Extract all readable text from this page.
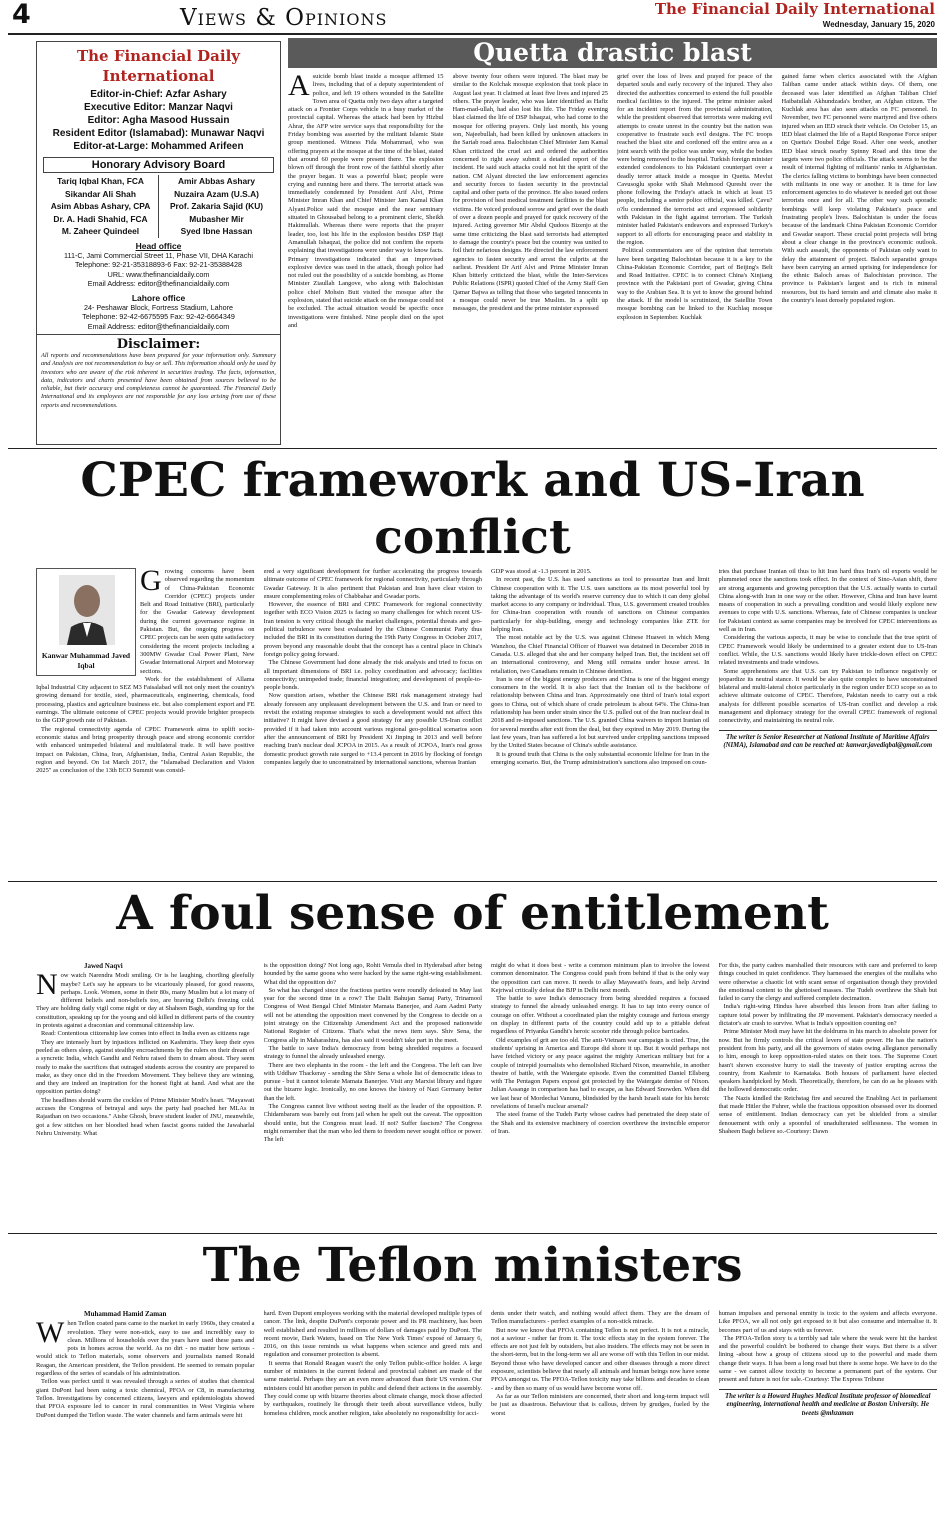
4	Views & Opinions	The Financial Daily International
Wednesday, January 15, 2020
The Financial Daily International
Editor-in-Chief: Azfar Ashary
Executive Editor: Manzar Naqvi
Editor: Agha Masood Hussain
Resident Editor (Islamabad): Munawar Naqvi
Editor-at-Large: Mohammed Arifeen
Honorary Advisory Board
Tariq Iqbal Khan, FCA
Sikandar Ali Shah
Asim Abbas Ashary, CPA
Dr. A. Hadi Shahid, FCA
M. Zaheer Quindeel
Amir Abbas Ashary
Nuzaira Azam (U.S.A)
Prof. Zakaria Sajid (KU)
Mubasher Mir
Syed Ibne Hassan
Head office
111-C, Jami Commercial Street 11, Phase VII, DHA Karachi
Telephone: 92-21-35318893-6 Fax: 92-21-35388428
URL: www.thefinancialdaily.com
Email Address: editor@thefinancialdaily.com
Lahore office
24- Peshawar Block, Fortress Stadium, Lahore
Telephone: 92-42-6675595 Fax: 92-42-6664349
Email Address: editor@thefinancialdaily.com
Disclaimer:
All reports and recommendations have been prepared for your information only. Summary and Analysis are not recommendation to buy or sell. This information should only be used by investors who are aware of the risk inherent in securities trading. The facts, information, data, indicators and charts presented have been obtained from sources believed to be reliable, but their accuracy and completeness cannot be guaranteed. The Financial Daily International and its employees are not responsible for any loss arising from use of these reports and recommendations.
Quetta drastic blast

Asuicide bomb blast inside a mosque affirmed 15 lives, including that of a deputy superintendent of police, and left 19 others wounded in the Satellite Town area of Quetta only two days after a targeted attack on a Frontier Corps vehicle in a busy market of the provincial capital. Whereas the attack had been by Hizbul Ahrar, the AFP wire service says that responsibility for the Friday bombing was asserted by the militant Islamic State group mentioned. Witness Fida Mohammad, who was offering prayers at the mosque at the time of the blast, stated that around 60 people were present there. The explosion blown off through the front row of the faithful shortly after the prayer began. It was a powerful blast; people were crying and running here and there. The terrorist attack was immediately condemned by President Arif Alvi, Prime Minister Imran Khan and Chief Minister Jam Kamal Khan Alyani.Police said the mosque and the near seminary situated in Ghousabad belong to a prominent cleric, Sheikh Hakimullah. Whereas there were reports that the prayer leader, too, lost his life in the explosion besides DSP Haji Amanullah Ishaqzai, the police did not confirm the reports explaining that investigations were under way to know facts. Primary investigations indicated that an improvised explosive device was used in the attack, though police had not ruled out the possibility of a suicide bombing, as Home Minister Ziaullah Langove, who along with Balochistan police chief Mohsin Butt visited the mosque after the explosion, stated that suicide attack on the mosque could not be excluded. The actual situation would be specific once investigations were finished. Nine people died on the spot and

above twenty four others were injured. The blast may be similar to the Kolchak mosque explosion that took place in August last year. It claimed at least five lives and injured 25 others. The prayer leader, who was later identified as Hafiz Ham-mad-ullah, had also lost his life. The Friday evening blast claimed the life of DSP Ishaqzai, who had come to the mosque for offering prayers. Only last month, his young son, Najeebullah, had been killed by unknown attackers in the Sariab road area. Balochistan Chief Minister Jam Kamal Khan criticized the cruel act and ordered the authorities concerned to right away submit a detailed report of the incident. He said such attacks could not hit the spirit of the nation. CM Alyani directed the law enforcement agencies and security forces to fasten security in the provincial capital and other parts of the province. He also issued orders for provision of best medical treatment facilities to the blast victims. He voiced profound sorrow and grief over the death of over a dozen people and prayed for quick recovery of the injured. Acting governor Mir Abdul Qudoos Bizenjo at the same time criticizing the blast said terrorists had attempted to damage the country's peace but the country was united to foil their nefarious designs. He directed the law enforcement agencies to fasten security and arrest the culprits at the earliest. President Dr Arif Alvi and Prime Minister Imran Khan bitterly criticized the blast, while the Inter-Services Public Relations (ISPR) quoted Chief of the Army Staff Gen Qamar Bajwa as telling that those who targeted innocents in a mosque could never be true Muslim. In a split up messages, the president and the prime minister expressed

grief over the loss of lives and prayed for peace of the departed souls and early recovery of the injured. They also directed the authorities concerned to extend the full possible medical facilities to the injured. The prime minister asked for an incident report from the provincial administration, while the president observed that terrorists were making evil attempts to create unrest in the country but the nation was cooperative to frustrate such evil designs. The FC troops reached the blast site and cordoned off the entire area as a joint search with the police was under way, while the bodies were being removed to the hospital. Turkish foreign minister extended condolences to his Pakistani counterpart over a deadly terror attack inside a mosque in Quetta. Mevlut Cavusoglu spoke with Shah Mehmood Qureshi over the phone following the Friday's attack in which at least 15 people, including a senior police official, was killed. Çavu?o?lu condemned the terrorist act and expressed solidarity with Pakistan in the fight against terrorism. The Turkish minister hailed Pakistan's endeavors and expressed Turkey's support to all efforts for encouraging peace and stability in the region.

Political commentators are of the opinion that terrorists have been targeting Balochistan because it is a key to the China-Pakistan Economic Corridor, part of Beijing's Belt and Road Initiative. CPEC is to connect China's Xinjiang province with the Pakistani port of Gwadar, giving China way to the Arabian Sea. It is yet to know the ground behind the attack. If the model is scrutinized, the Satellite Town mosque bombing can be linked to the Kuchlaq mosque explosion in September. Kuchlak

gained fame when clerics associated with the Afghan Taliban came under attack within days. Of them, one deceased was later identified as Afghan Taliban Chief Haibatullah Akhundzada's brother, an Afghan citizen. The Kuchlak area has also seen attacks on FC personnel. In November, two FC personnel were martyred and five others injured when an IED struck their vehicle. On October 15, an IED blast claimed the life of a Rapid Response Force sniper on Quetta's Doubel Edge Road. After one week, another IED blast struck nearby Spinny Road and this time the targets were two police officials. The attack seems to be the result of internal fighting of militants' ranks in Afghanistan. The clerics falling victims to bombings have been connected with militants in one way or another. It is time for law enforcement agencies to do whatever is needed get out those terrorists once and for all. The other way such sporadic bombings will keep violating Pakistan's peace and frustrating people's lives. Balochistan is under the focus because of the landmark China Pakistan Economic Corridor and Gwadar seaport. These crucial point projects will bring about a clear change in the province's economic outlook. With such assault, the opponents of Pakistan only want to delay the attainment of project. Baloch separatist groups have been carrying an armed uprising for independence for the ethnic Baloch areas of Balochistan province. The province is Pakistan's largest and is rich in mineral resources, but its hard terrain and arid climate also make it the country's least densely populated region.

CPEC framework and US-Iran conflict
Kanwar Muhammad Javed Iqbal

Growing concerns have been observed regarding the momentum of China-Pakistan Economic Corridor (CPEC) projects under Belt and Road Initiative (BRI), particularly for the Gwadar Gateway development during the current governance regime in Pakistan. But, the ongoing progress on CPEC projects can be seen quite satisfactory considering the recent projects including a 300MW Gwadar Coal Power Plant, New Gwadar International Airport and Motorway sections.

Work for the establishment of Allama Iqbal Industrial City adjacent to SEZ M3 Faisalabad will not only meet the country's growing demand for textile, steel, pharmaceuticals, engineering, chemicals, food processing, plastics and agriculture business etc. but also complement export and FE earnings. The ultimate outcome of CPEC projects would provide brighter prospects to the GDP growth rate of Pakistan.

The regional connectivity agenda of CPEC Framework aims to uplift socio-economic status and bring prosperity through peace and strong economic corridor with enhanced unimpeded bilateral and multilateral trade. It will have positive impact on Pakistan, China, Iran, Afghanistan, India, Central Asian Republic, the region and beyond. On 1st March 2017, the "Islamabad Declaration and Vision 2025" as conclusion of the 13th ECO Summit was consid-

ered a very significant development for further accelerating the progress towards ultimate outcome of CPEC framework for regional connectivity, particularly through Gwadar Gateway. It is also pertinent that Pakistan and Iran have clear vision to ensure complementing roles of Chabbahar and Gwadar ports.

However, the essence of BRI and CPEC Framework for regional connectivity together with ECO Vision 2025 is facing so many challenges for which recent US-Iran tension is very critical though the market challenges, potential threats and geo-political turbulence were best evaluated by the Chinese Communist Party thus included the BRI in its constitution during the 19th Party Congress in October 2017, proven beyond any reasonable doubt that the concept has a central place in China's foreign policy going forward.

The Chinese Government had done already the risk analysis and tried to focus on all important dimensions of BRI i.e. policy coordination and advocacy; facilities connectivity; unimpeded trade; financial integration; and development of people-to-people bonds.

Now question arises, whether the Chinese BRI risk management strategy had already foreseen any unpleasant development between the U.S. and Iran or need to revisit the existing response strategies to such a development would not affect this initiative? It might have devised a good strategy for any possible US-Iran conflict provided if it had taken into account various regional geo-political scenarios soon after the announcement of BRI by President Xi Jinping in 2013 and well before reaching Iran's nuclear deal JCPOA in 2015. As a result of JCPOA, Iran's real gross domestic product growth rate surged to +13.4 percent in 2016 by flocking of foreign companies largely due to unconstrained by international sanctions, whereas Iranian

GDP was stood at -1.3 percent in 2015.

In recent past, the U.S. has used sanctions as tool to pressurize Iran and limit Chinese cooperation with it. The U.S. uses sanctions as its most powerful tool by taking the advantage of its world's reserve currency due to which it can deny global market access to any company or individual. Thus, U.S. government created troubles for China-Iran cooperation with rounds of sanctions on Chinese companies particularly for ship-building, energy and technology companies like ZTE for helping Iran.

The most notable act by the U.S. was against Chinese Huawei in which Meng Wanzhou, the Chief Financial Officer of Huawei was detained in December 2018 in Canada. U.S. alleged that she and her company helped Iran. But, the incident set off an international controversy, and Meng still remains under house arrest. In retaliation, two Canadians remain in Chinese detention.

Iran is one of the biggest energy producers and China is one of the biggest energy consumers in the world. It is also fact that the Iranian oil is the backbone of relationship between China and Iran. Approximately one third of Iran's total export goes to China, out of which share of crude petroleum is about 64%. The China-Iran relationship has been under strain since the U.S. pulled out of the Iran nuclear deal in 2018 and re-imposed sanctions. The U.S. granted China waivers to import Iranian oil for several months after exit from the deal, but they expired in May 2019. During the last few years, Iran has suffered a lot but survived under crippling sanctions imposed by the United States because of China's subtle assistance.

It is ground truth that China is the only substantial economic lifeline for Iran in the emerging scenario. But, the Trump administration's sanctions also imposed on coun-

tries that purchase Iranian oil thus to hit Iran hard thus Iran's oil exports would be plummeted once the sanctions took effect. In the context of Sino-Asian shift, there are strong arguments and growing perception that the U.S. actually wants to curtail China along-with Iran in one way or the other. However, China and Iran have learnt means of cooperation in such a prevailing condition and would likely explore new avenues to cope with U.S. sanctions. Whereas, fate of Chinese companies is unclear for Pakistani context as same companies may be involved for CPEC interventions as well as in Iran.

Considering the various aspects, it may be wise to conclude that the true spirit of CPEC Framework would likely be undermined to a greater extent due to US-Iran conflict. While, the U.S. sanctions would likely have trickle-down effect on CPEC related investments and trade windows.

Some apprehensions are that U.S. can try Pakistan to influence negatively or jeopardize its neutral stance. It would be also quite complex to have unconstrained bilateral and multi-lateral choice particularly in the region under ECO scope so as to achieve ultimate outcome of CPEC. Therefore, Pakistan needs to carry out a risk analysis for different possible scenarios of US-Iran conflict and develop a risk management and diplomacy strategy for the overall CPEC framework of regional connectivity, and maintaining its neutral role.

The writer is Senior Researcher at National Institute of Maritime Affairs (NIMA), Islamabad and can be reached at: kanwar.javediqbal@gmail.com
A foul sense of entitlement
Jawed Naqvi

Now watch Narendra Modi smiling. Or is he laughing, chortling gleefully maybe? Let's say he appears to be vicariously pleased, for good reasons, perhaps. Look. Women, some in their 80s, many Muslim but a lot many of different beliefs and non-beliefs too, are braving Delhi's freezing cold. They are holding daily vigil come night or day at Shaheen Bagh, standing up for the constitution, speaking up for the young and old killed in different parts of the country in protests against a draconian and communal citizenship law.

Read: Contentious citizenship law comes into effect in India even as citizens rage

They are intensely hurt by injustices inflicted on Kashmiris. They keep their eyes peeled as others sleep, against stealthy encroachments by the rulers on their dream of a syncretic India, which Gandhi and Nehru raised them to dream about. They seem ready to make the sacrifices that outraged students across the country are prepared to make, as they once did in the Freedom Movement. They believe they are winning, and they are indeed an inspiration for the honest fight at hand. And what are the opposition parties doing?

The headlines should warm the cockles of Prime Minister Modi's heart. "Mayawati accuses the Congress of betrayal and says the party had poached her MLAs in Rajasthan on two occasions." Aishe Ghosh, brave student leader of JNU, meanwhile, got a few stitches on her bloodied head when fascist goons raided the Jawaharlal Nehru University. What

is the opposition doing? Not long ago, Rohit Vemula died in Hyderabad after being hounded by the same goons who were backed by the same right-wing establishment. What did the opposition do?

So what has changed since the fractious parties were roundly defeated in May last year for the second time in a row? The Dalit Bahujan Samaj Party, Trinamool Congress of West Bengal Chief Minister Mamata Banerjee, and Aam Aadmi Party will not be attending the opposition meet convened by the Congress to decide on a joint strategy on the Citizenship Amendment Act and the proposed nationwide National Register of Citizens. That's what the news item says. Shiv Sena, the Congress ally in Maharashtra, has also said it wouldn't take part in the meet.

The battle to save India's democracy from being shredded requires a focused strategy to funnel the already unleashed energy.

There are two elephants in the room - the left and the Congress. The left can live with Uddhav Thackeray - sending the Shiv Sena a whole list of democratic ideas to pursue - but it cannot tolerate Mamata Banerjee. Visit any Marxist library and figure out the bizarre logic. Ironically, no one knows the history of Nazi Germany better than the left.

The Congress cannot live without seeing itself as the leader of the opposition. P. Chidambaram was barely out from jail when he spelt out the caveat. The opposition should unite, but the Congress must lead. If not? Suffer fascism? The Congress might remember that the man who led them to freedom never sought office or power. The left

might do what it does best - write a common minimum plan to involve the lowest common denominator. The Congress could push from behind if that is the only way the opposition cart can move. It needs to allay Mayawati's fears, and help Arvind Kejriwal critically defeat the BJP in Delhi next month.

The battle to save India's democracy from being shredded requires a focused strategy to funnel the already unleashed energy. It has to tap into every ounce of courage on offer. Without a coordinated plan the mighty courage and furious energy on display in different parts of the country could add up to a pitiable defeat regardless of Priyanka Gandhi's heroic scooter ride through police barricades.

Old examples of grit are too old. The anti-Vietnam war campaign is cited. True, the students' uprising in America and Europe did shore it up. But it would perhaps not have fetched victory or any peace against the mighty American military but for a couple of intrepid journalists who demolished Richard Nixon, meanwhile, in another theatre of battle, with the Watergate episode. Even the committed Daniel Ellsberg with The Pentagon Papers exposé got protected by the Watergate demise of Nixon. Julian Assange in comparison has had to escape, as has Edward Snowden. When did we last hear of Mordechai Vanunu, blindsided by the harsh Israeli state for his heroic revelations of Israel's nuclear arsenal?

The steel frame of the Tudeh Party whose cadres had penetrated the deep state of the Shah and its extensive machinery of coercion overthrew the invincible emperor of Iran.

For this, the party cadres marshalled their resources with care and preferred to keep things couched in quiet confidence. They harnessed the energies of the mullahs who were otherwise a chaotic lot with scant sense of organisation though they provided the emotional content to the ghettoised masses. The Tudeh overthrew the Shah but failed to carry the clergy and suffered complete decimation.

India's right-wing Hindus have absorbed this lesson from Iran after failing to capture total power by infiltrating the JP movement. Pakistan's democracy needed a dictator's air crash to survive. What is India's opposition counting on?

Prime Minister Modi may have hit the doldrums in his march to absolute power for now. But he firmly controls the critical levers of state power. He has the nation's president from his party, and all the governors of states owing allegiance personally to him, enough to keep opposition-ruled states on their toes. The Supreme Court hasn't shown excessive hurry to stall the travesty of justice erupting across the country, from Kashmir to Karnataka. Both houses of parliament have elected speakers handpicked by Modi. Theoretically, therefore, he can do as he pleases with the hollowed democratic order.

The Nazis kindled the Reichstag fire and secured the Enabling Act in parliament that made Hitler the Fuhrer, while the fractious opposition obsessed over its doomed sense of entitlement. Indian democracy can yet be shielded from a similar denouement with only a spoonful of unadulterated selflessness. The women in Shaheen Bagh believe so.-Courtesy: Dawn

The Teflon ministers
Muhammad Hamid Zaman

When Teflon coated pans came to the market in early 1960s, they created a revolution. They were non-stick, easy to use and incredibly easy to clean. Millions of households over the years have used these pans and pots in homes across the world. As no dirt - no matter how serious - would stick to Teflon materials, some observers and journalists named Ronald Reagan, the American president, the Teflon president. He seemed to remain popular regardless of the series of scandals of his administration.

Teflon was perfect until it was revealed through a series of studies that chemical giant DuPont had been using a toxic chemical, PFOA or C8, in manufacturing Teflon. Investigations by concerned citizens, lawyers and epidemiologists showed that PFOA exposure led to cancer in rural communities in West Virginia where DuPont dumped the Teflon waste. The water channels and farm animals were hit

hard. Even Dupont employees working with the material developed multiple types of cancer. The link, despite DuPont's corporate power and its PR machinery, has been well established and resulted in millions of dollars of damages paid by DuPont. The recent movie, Dark Waters, based on The New York Times' exposé of January 6, 2016, on this issue reminds us what happens when science and greed mix and regulation and consumer protection is absent.

It seems that Ronald Reagan wasn't the only Teflon public-office holder. A large number of ministers in the current federal and provincial cabinet are made of the same material. Perhaps they are an even more advanced than their US version. Our ministers could hit another person in public and defend their actions in the assembly. They could come up with bizarre theories about climate change, mock those affected by earthquakes, routinely lie through their teeth about surveillance videos, bully homeless children, mock another religion, take absolutely no responsibility for acci-

dents under their watch, and nothing would affect them. They are the dream of Teflon manufacturers - perfect examples of a non-stick miracle.

But now we know that PFOA containing Teflon is not perfect. It is not a miracle, not a saviour - rather far from it. The toxic effects stay in the system forever. The effects are not just felt by outsiders, but also insiders. The effects may not be seen in the short-term, but in the long-term we all are worse off with this Teflon in our midst. Beyond those who have developed cancer and other diseases through a more direct exposure, scientists believe that nearly all animals and human beings now have some PFOA amongst us. The PFOA-Teflon toxicity may take billions and decades to clean - and by then so many of us would have become worse off.

As far as our Teflon ministers are concerned, their short and long-term impact will be just as disastrous. Behaviour that is callous, driven by grudges, fueled by the worst

human impulses and personal enmity is toxic to the system and affects everyone. Like PFOA, we all not only get exposed to it but also consume and internalise it. It becomes part of us and stays with us forever.

The PFOA-Teflon story is a terribly sad tale where the weak were hit the hardest and the powerful couldn't be bothered to change their ways. But there is a silver lining -about how a group of citizens stood up to the powerful and made them change their ways. It has been a long road but there is some hope. We have to do the same - we cannot allow toxicity to become a permanent part of the system. Our present and future is not for sale.-Courtesy: The Express Tribune

The writer is a Howard Hughes Medical Institute professor of biomedical engineering, international health and medicine at Boston University. He tweets @mhzaman
